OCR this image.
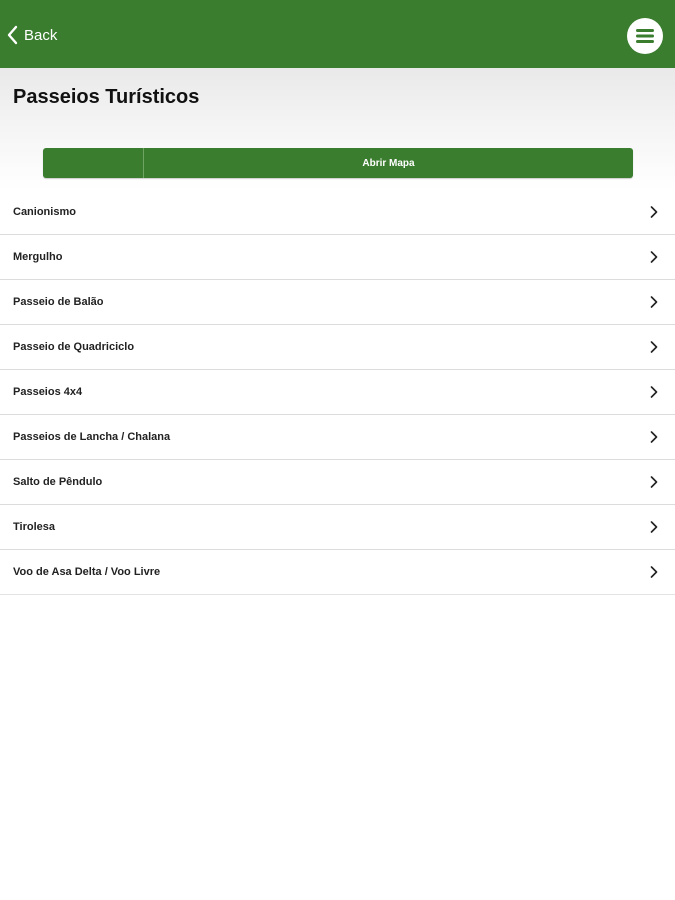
Back
Passeios Turísticos
Abrir Mapa
Canionismo
Mergulho
Passeio de Balão
Passeio de Quadriciclo
Passeios 4x4
Passeios de Lancha / Chalana
Salto de Pêndulo
Tirolesa
Voo de Asa Delta / Voo Livre
